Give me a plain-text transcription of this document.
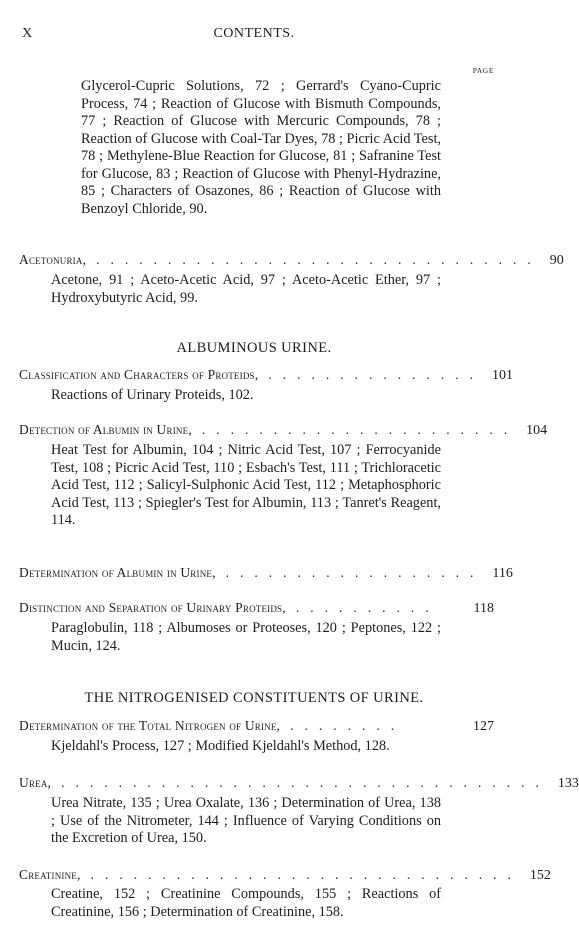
X	CONTENTS.
PAGE
Glycerol-Cupric Solutions, 72 ; Gerrard's Cyano-Cupric Process, 74 ; Reaction of Glucose with Bismuth Compounds, 77 ; Reaction of Glucose with Mercuric Compounds, 78 ; Reaction of Glucose with Coal-Tar Dyes, 78 ; Picric Acid Test, 78 ; Methylene-Blue Reaction for Glucose, 81 ; Safranine Test for Glucose, 83 ; Reaction of Glucose with Phenyl-Hydrazine, 85 ; Characters of Osazones, 86 ; Reaction of Glucose with Benzoyl Chloride, 90.
Acetonuria, ............................... 90
Acetone, 91 ; Aceto-Acetic Acid, 97 ; Aceto-Acetic Ether, 97 ; Hydroxybutyric Acid, 99.
ALBUMINOUS URINE.
Classification and Characters of Proteids, ............... 101
Reactions of Urinary Proteids, 102.
Detection of Albumin in Urine, ...................... 104
Heat Test for Albumin, 104 ; Nitric Acid Test, 107 ; Ferrocyanide Test, 108 ; Picric Acid Test, 110 ; Esbach's Test, 111 ; Trichloracetic Acid Test, 112 ; Salicyl-Sulphonic Acid Test, 112 ; Metaphosphoric Acid Test, 113 ; Spiegler's Test for Albumin, 113 ; Tanret's Reagent, 114.
Determination of Albumin in Urine, .................. 116
Distinction and Separation of Urinary Proteids, ..........	118
Paraglobulin, 118 ; Albumoses or Proteoses, 120 ; Peptones, 122 ; Mucin, 124.
THE NITROGENISED CONSTITUENTS OF URINE.
Determination of the Total Nitrogen of Urine, ........	127
Kjeldahl's Process, 127 ; Modified Kjeldahl's Method, 128.
Urea, .................................. 133
Urea Nitrate, 135 ; Urea Oxalate, 136 ; Determination of Urea, 138 ; Use of the Nitrometer, 144 ; Influence of Varying Conditions on the Excretion of Urea, 150.
Creatinine, .............................. 152
Creatine, 152 ; Creatinine Compounds, 155 ; Reactions of Creatinine, 156 ; Determination of Creatinine, 158.
